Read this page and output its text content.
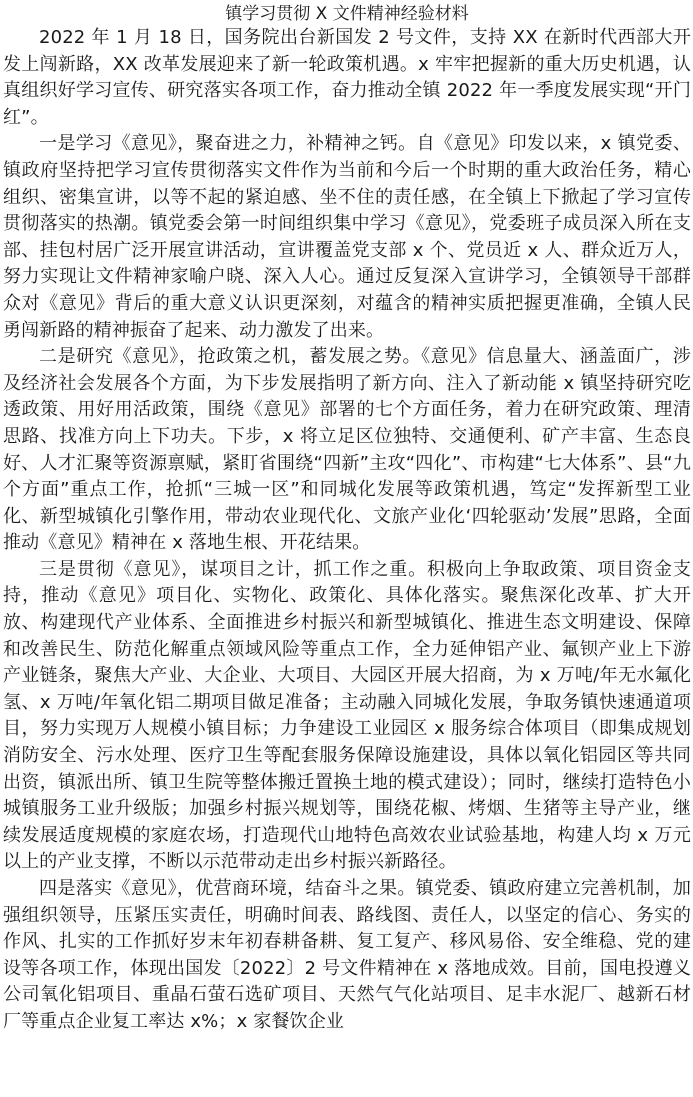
镇学习贯彻 X 文件精神经验材料

2022 年 1 月 18 日，国务院出台新国发 2 号文件，支持 XX 在新时代西部大开发上闯新路，XX 改革发展迎来了新一轮政策机遇。x 牢牢把握新的重大历史机遇，认真组织好学习宣传、研究落实各项工作，奋力推动全镇 2022 年一季度发展实现“开门红”。

一是学习《意见》，聚奋进之力，补精神之钙。自《意见》印发以来，x 镇党委、镇政府坚持把学习宣传贯彻落实文件作为当前和今后一个时期的重大政治任务，精心组织、密集宣讲，以等不起的紧迫感、坐不住的责任感，在全镇上下掀起了学习宣传贯彻落实的热潮。镇党委会第一时间组织集中学习《意见》，党委班子成员深入所在支部、挂包村居广泛开展宣讲活动，宣讲覆盖党支部 x 个、党员近 x 人、群众近万人，努力实现让文件精神家喻户晓、深入人心。通过反复深入宣讲学习，全镇领导干部群众对《意见》背后的重大意义认识更深刻，对蕴含的精神实质把握更准确，全镇人民勇闯新路的精神振奋了起来、动力激发了出来。

二是研究《意见》，抢政策之机，蓄发展之势。《意见》信息量大、涵盖面广，涉及经济社会发展各个方面，为下步发展指明了新方向、注入了新动能 x 镇坚持研究吃透政策、用好用活政策，围绕《意见》部署的七个方面任务，着力在研究政策、理清思路、找准方向上下功夫。下步，x 将立足区位独特、交通便利、矿产丰富、生态良好、人才汇聚等资源禀赋，紧盯省围绕“四新”主攻“四化”、市构建“七大体系”、县“九个方面”重点工作，抢抓“三城一区”和同城化发展等政策机遇，笃定“发挥新型工业化、新型城镇化引擎作用，带动农业现代化、文旅产业化‘四轮驱动’发展”思路，全面推动《意见》精神在 x 落地生根、开花结果。

三是贯彻《意见》，谋项目之计，抓工作之重。积极向上争取政策、项目资金支持，推动《意见》项目化、实物化、政策化、具体化落实。聚焦深化改革、扩大开放、构建现代产业体系、全面推进乡村振兴和新型城镇化、推进生态文明建设、保障和改善民生、防范化解重点领域风险等重点工作，全力延伸铝产业、氟钡产业上下游产业链条，聚焦大产业、大企业、大项目、大园区开展大招商，为 x 万吨/年无水氟化氢、x 万吨/年氧化铝二期项目做足准备；主动融入同城化发展，争取务镇快速通道项目，努力实现万人规模小镇目标；力争建设工业园区 x 服务综合体项目（即集成规划消防安全、污水处理、医疗卫生等配套服务保障设施建设，具体以氧化铝园区等共同出资，镇派出所、镇卫生院等整体搬迁置换土地的模式建设）；同时，继续打造特色小城镇服务工业升级版；加强乡村振兴规划等，围绕花椒、烤烟、生猪等主导产业，继续发展适度规模的家庭农场，打造现代山地特色高效农业试验基地，构建人均 x 万元以上的产业支撑，不断以示范带动走出乡村振兴新路径。

四是落实《意见》，优营商环境，结奋斗之果。镇党委、镇政府建立完善机制，加强组织领导，压紧压实责任，明确时间表、路线图、责任人，以坚定的信心、务实的作风、扎实的工作抓好岁末年初春耕备耕、复工复产、移风易俗、安全维稳、党的建设等各项工作，体现出国发〔2022〕2 号文件精神在 x 落地成效。目前，国电投遵义公司氧化铝项目、重晶石萤石选矿项目、天然气气化站项目、足丰水泥厂、越新石材厂等重点企业复工率达 x%；x 家餐饮企业
